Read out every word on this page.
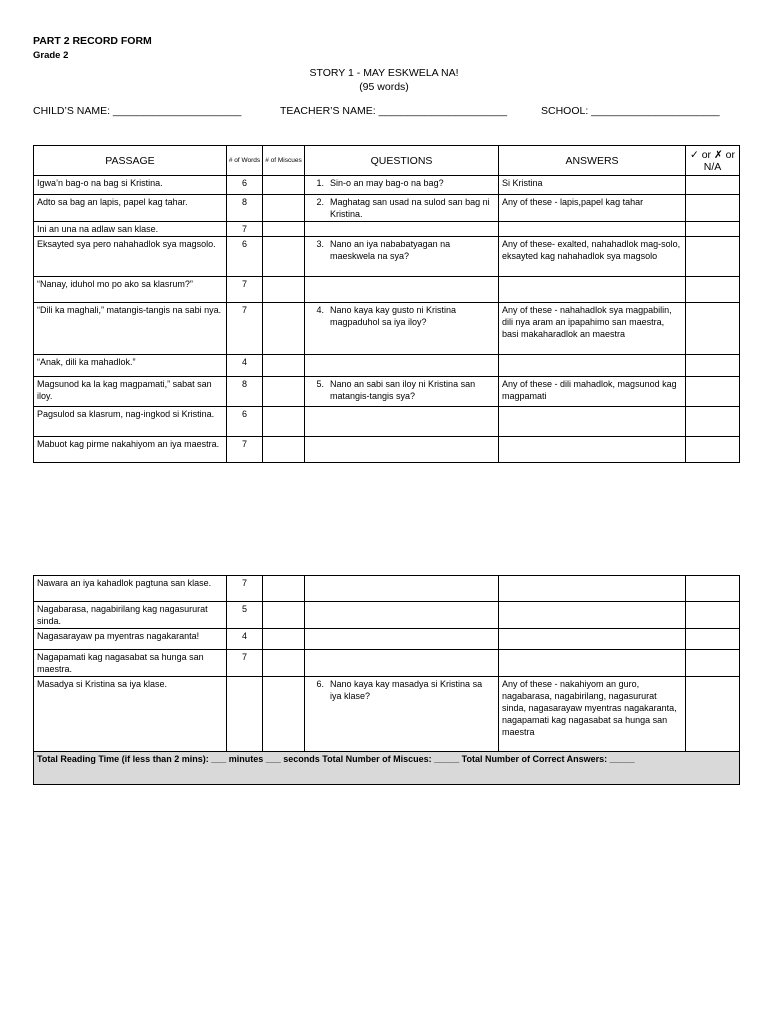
PART 2 RECORD FORM
Grade 2
STORY 1 - MAY ESKWELA NA!
(95 words)
CHILD’S NAME: ______________________	TEACHER’S NAME: ______________________	SCHOOL: ______________________
PASSAGE	# of Words	# of Miscues	QUESTIONS	ANSWERS	✓ or ✗ or N/A
Igwa’n bag-o na bag si Kristina.	6		1. Sin-o an may bag-o na bag?	Si Kristina	
Adto sa bag an lapis, papel kag tahar.	8		2. Maghatag san usad na sulod san bag ni Kristina.	Any of these - lapis,papel kag tahar	
Ini an una na adlaw san klase.	7		

Eksayted sya pero nahahadlok sya magsolo.	6		3. Nano an iya nababatyagan na maeskwela na sya?	Any of these- exalted, nahahadlok mag-solo, eksayted kag nahahadlok sya magsolo	
“Nanay, iduhol mo po ako sa klasrum?”	7		

“Dili ka maghali,” matangis-tangis na sabi nya.	7		4. Nano kaya kay gusto ni Kristina magpaduhol sa iya iloy?	Any of these - nahahadlok sya magpabilin, dili nya aram an ipapahimo san maestra, basi makaharadlok an maestra	
“Anak, dili ka mahadlok.”	4		

Magsunod ka la kag magpamati,” sabat san iloy.	8		5. Nano an sabi san iloy ni Kristina san matangis-tangis sya?	Any of these - dili mahadlok, magsunod kag magpamati	
Pagsulod sa klasrum, nag-ingkod si Kristina.	6		

Mabuot kag pirme nakahiyom an iya maestra.	7		

Nawara an iya kahadlok pagtuna san klase.	7		

Nagabarasa, nagabirilang kag nagasururat sinda.	5		

Nagasarayaw pa myentras nagakaranta!	4		

Nagapamati kag nagasabat sa hunga san maestra.	7		

Masadya si Kristina sa iya klase.			6. Nano kaya kay masadya si Kristina sa iya klase?	Any of these - nakahiyom an guro, nagabarasa, nagabirilang, nagasururat sinda, nagasarayaw myentras nagakaranta, nagapamati kag nagasabat sa hunga san maestra	
Total Reading Time (if less than 2 mins): ___ minutes ___ seconds Total Number of Miscues: _____ Total Number of Correct Answers: _____					
